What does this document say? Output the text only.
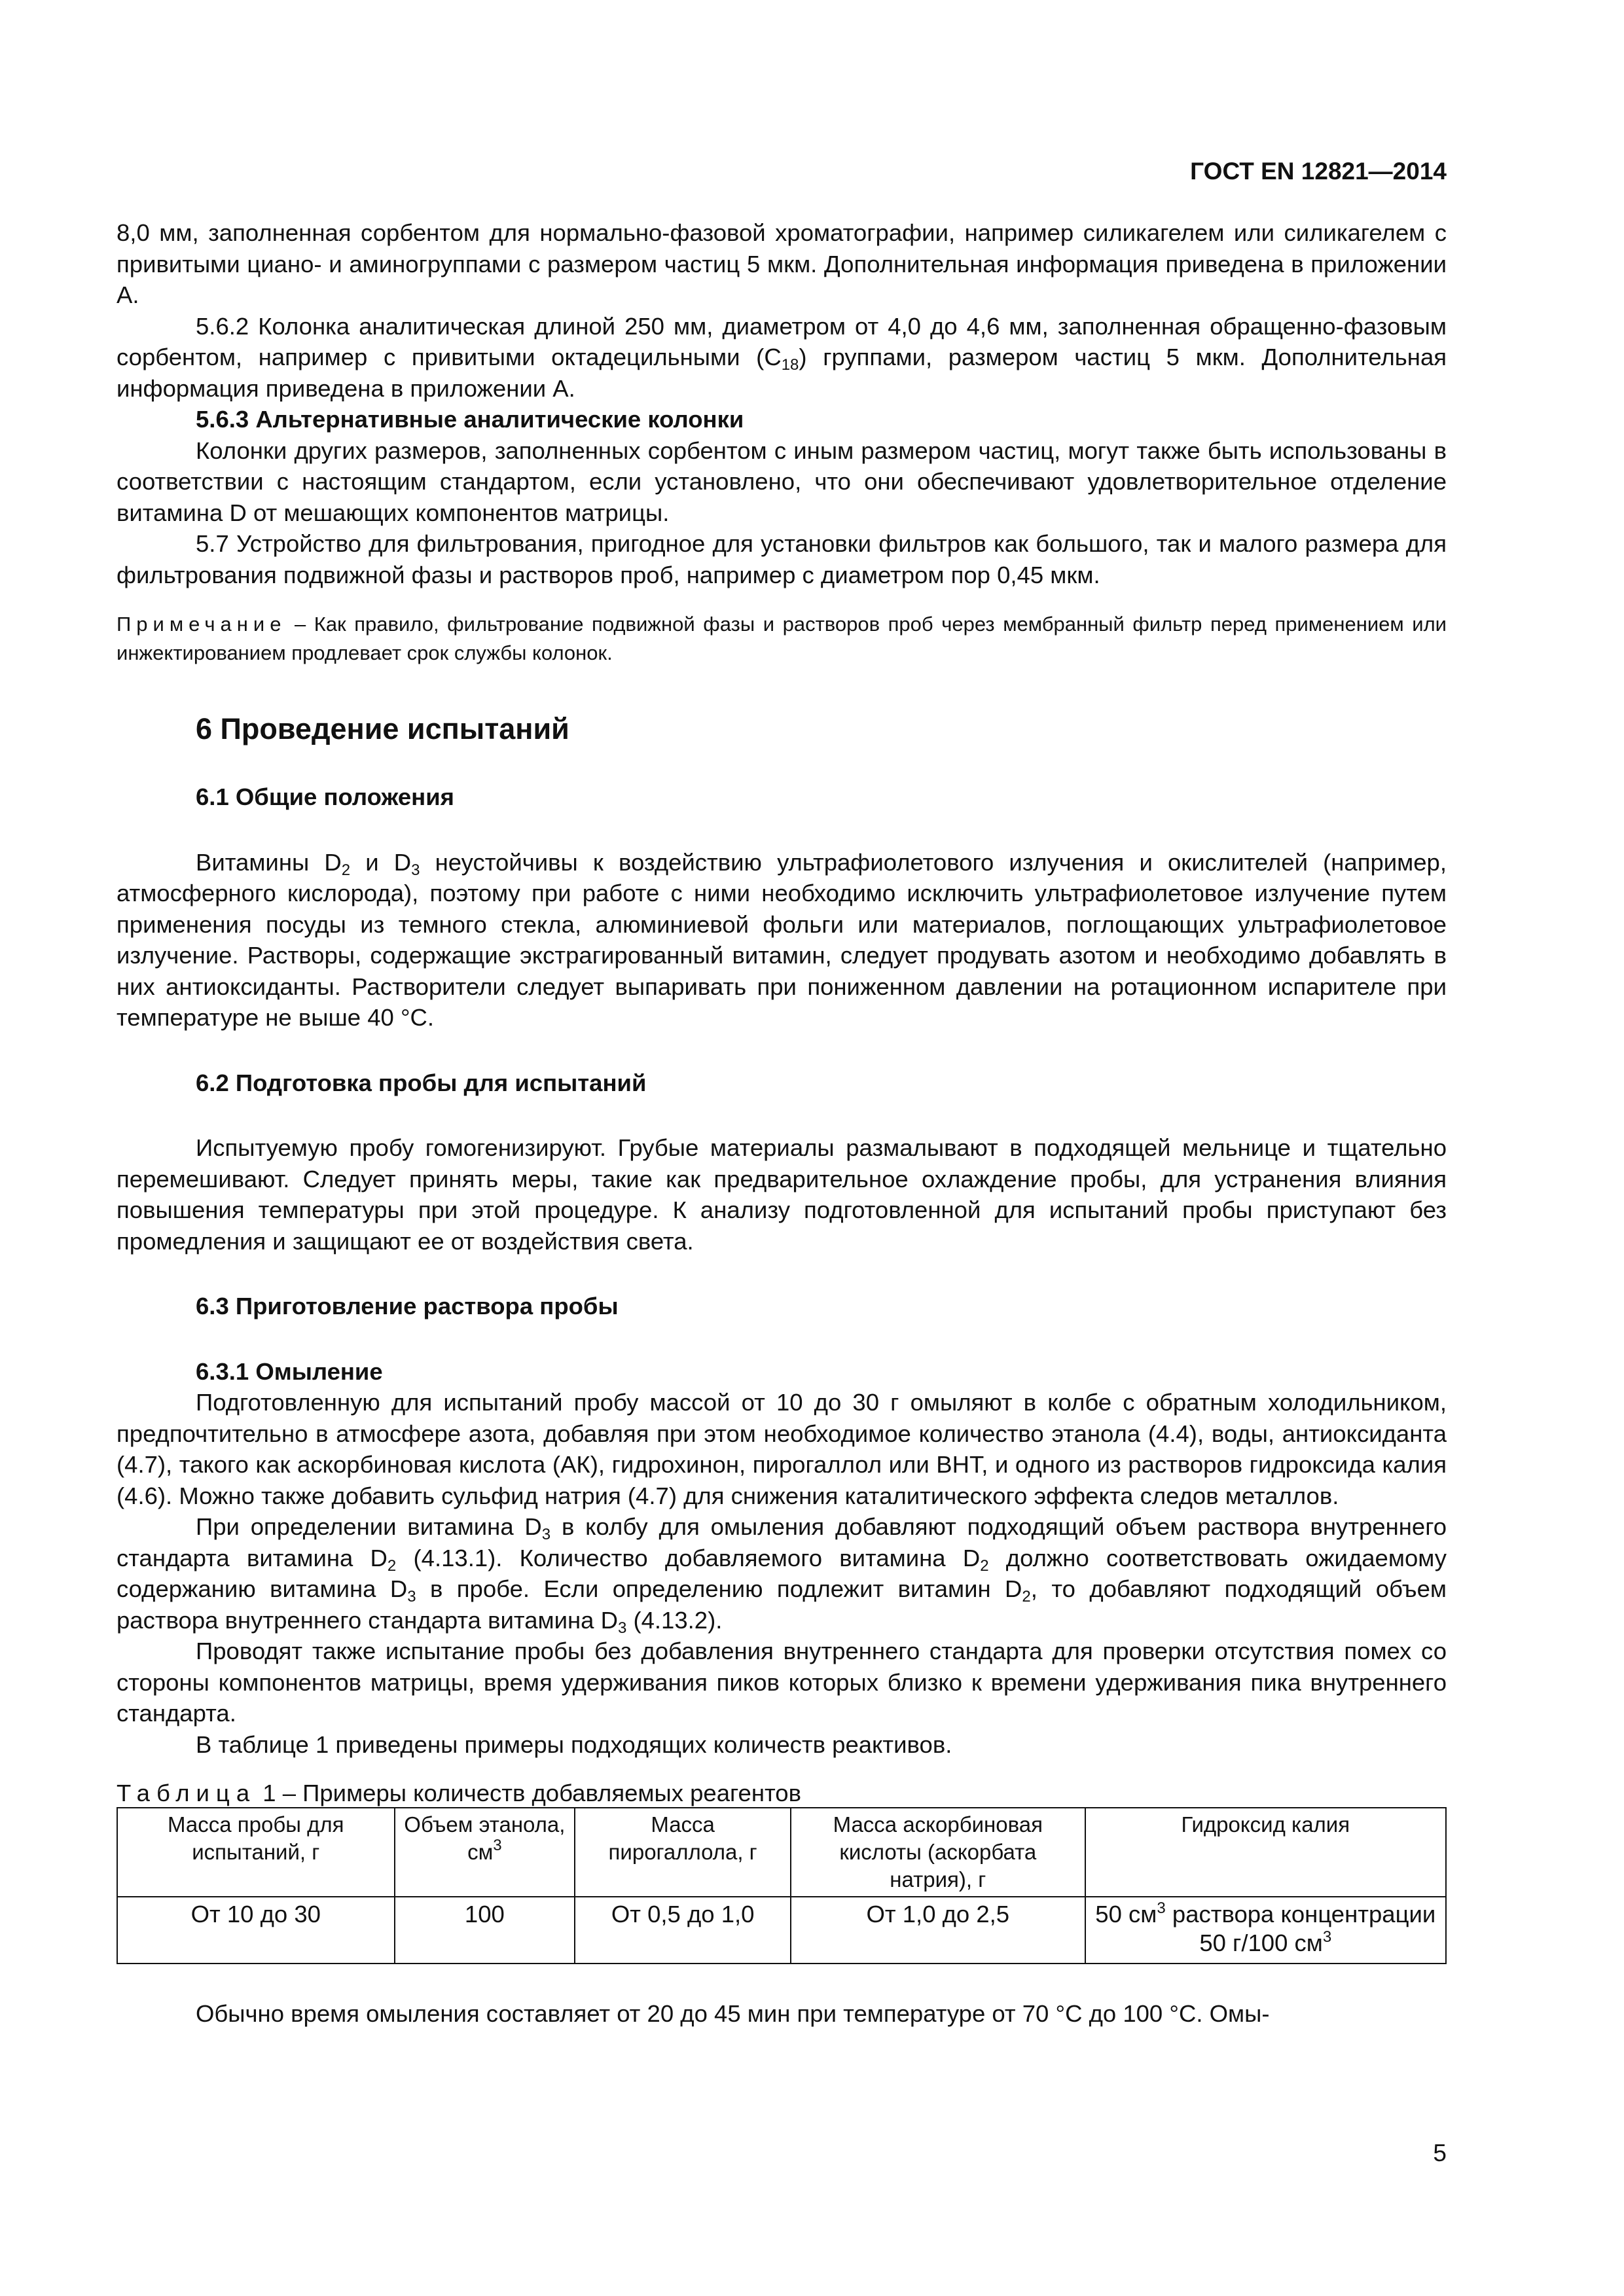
ГОСТ EN 12821—2014

8,0 мм, заполненная сорбентом для нормально-фазовой хроматографии, например силикагелем или силикагелем с привитыми циано- и аминогруппами с размером частиц 5 мкм. Дополнительная информация приведена в приложении А.

5.6.2 Колонка аналитическая длиной 250 мм, диаметром от 4,0 до 4,6 мм, заполненная обращенно-фазовым сорбентом, например с привитыми октадецильными $(C_{18})$ группами, размером частиц 5 мкм. Дополнительная информация приведена в приложении А.

5.6.3 Альтернативные аналитические колонки

Колонки других размеров, заполненных сорбентом с иным размером частиц, могут также быть использованы в соответствии с настоящим стандартом, если установлено, что они обеспечивают удовлетворительное отделение витамина D от мешающих компонентов матрицы.

5.7 Устройство для фильтрования, пригодное для установки фильтров как большого, так и малого размера для фильтрования подвижной фазы и растворов проб, например с диаметром пор 0,45 мкм.

Примечание – Как правило, фильтрование подвижной фазы и растворов проб через мембранный фильтр перед применением или инжектированием продлевает срок службы колонок.

6 Проведение испытаний
6.1 Общие положения

Витамины $D_2$ и $D_3$ неустойчивы к воздействию ультрафиолетового излучения и окислителей (например, атмосферного кислорода), поэтому при работе с ними необходимо исключить ультрафиолетовое излучение путем применения посуды из темного стекла, алюминиевой фольги или материалов, поглощающих ультрафиолетовое излучение. Растворы, содержащие экстрагированный витамин, следует продувать азотом и необходимо добавлять в них антиоксиданты. Растворители следует выпаривать при пониженном давлении на ротационном испарителе при температуре не выше 40 °С.

6.2 Подготовка пробы для испытаний

Испытуемую пробу гомогенизируют. Грубые материалы размалывают в подходящей мельнице и тщательно перемешивают. Следует принять меры, такие как предварительное охлаждение пробы, для устранения влияния повышения температуры при этой процедуре. К анализу подготовленной для испытаний пробы приступают без промедления и защищают ее от воздействия света.

6.3 Приготовление раствора пробы
6.3.1 Омыление

Подготовленную для испытаний пробу массой от 10 до 30 г омыляют в колбе с обратным холодильником, предпочтительно в атмосфере азота, добавляя при этом необходимое количество этанола (4.4), воды, антиоксиданта (4.7), такого как аскорбиновая кислота (АК), гидрохинон, пирогаллол или ВНТ, и одного из растворов гидроксида калия (4.6). Можно также добавить сульфид натрия (4.7) для снижения каталитического эффекта следов металлов.

При определении витамина $D_3$ в колбу для омыления добавляют подходящий объем раствора внутреннего стандарта витамина $D_2$ (4.13.1). Количество добавляемого витамина $D_2$ должно соответствовать ожидаемому содержанию витамина $D_3$ в пробе. Если определению подлежит витамин $D_2$, то добавляют подходящий объем раствора внутреннего стандарта витамина $D_3$ (4.13.2).

Проводят также испытание пробы без добавления внутреннего стандарта для проверки отсутствия помех со стороны компонентов матрицы, время удерживания пиков которых близко к времени удерживания пика внутреннего стандарта.

В таблице 1 приведены примеры подходящих количеств реактивов.

Таблица 1 – Примеры количеств добавляемых реагентов
Масса пробы для испытаний, г	Объем этанола, $см^3$	Масса пирогаллола, г	Масса аскорбиновая кислоты (аскорбата натрия), г	Гидроксид калия
От 10 до 30	100	От 0,5 до 1,0	От 1,0 до 2,5	50 $см^3$ раствора концентрации 50 г/100 $см^3$

Обычно время омыления составляет от 20 до 45 мин при температуре от 70 °С до 100 °С. Омы-

5
